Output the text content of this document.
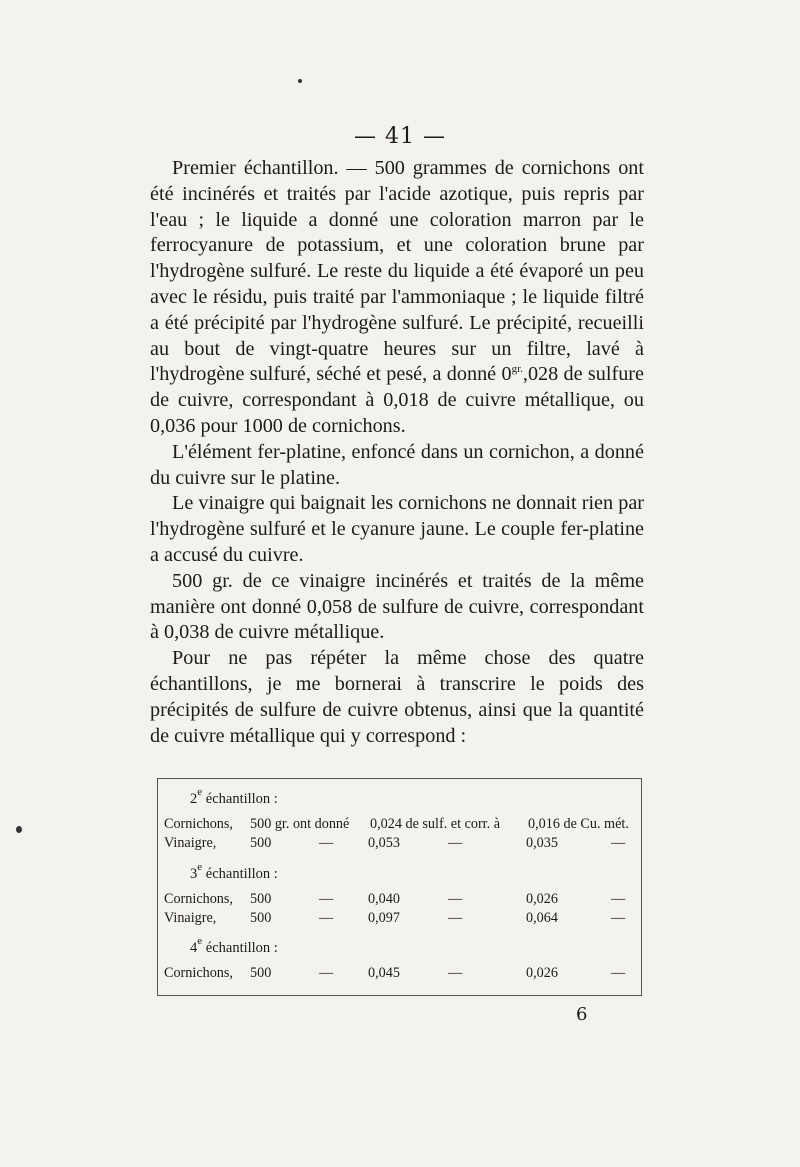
— 41 —

Premier échantillon. — 500 grammes de cornichons ont été incinérés et traités par l'acide azotique, puis repris par l'eau ; le liquide a donné une coloration marron par le ferrocyanure de potassium, et une coloration brune par l'hydrogène sulfuré. Le reste du liquide a été évaporé un peu avec le résidu, puis traité par l'ammoniaque ; le liquide filtré a été précipité par l'hydrogène sulfuré. Le précipité, recueilli au bout de vingt-quatre heures sur un filtre, lavé à l'hydrogène sulfuré, séché et pesé, a donné $0^{gr.},028$ de sulfure de cuivre, correspondant à 0,018 de cuivre métallique, ou 0,036 pour 1000 de cornichons.

L'élément fer-platine, enfoncé dans un cornichon, a donné du cuivre sur le platine.

Le vinaigre qui baignait les cornichons ne donnait rien par l'hydrogène sulfuré et le cyanure jaune. Le couple fer-platine a accusé du cuivre.

500 gr. de ce vinaigre incinérés et traités de la même manière ont donné 0,058 de sulfure de cuivre, correspondant à 0,038 de cuivre métallique.

Pour ne pas répéter la même chose des quatre échantillons, je me bornerai à transcrire le poids des précipités de sulfure de cuivre obtenus, ainsi que la quantité de cuivre métallique qui y correspond :

2e échantillon :
Cornichons, 500 gr. ont donné 0,024 de sulf. et corr. à 0,016 de Cu. mét.
Vinaigre, 500	— 0,053	—	0,035	—
3e échantillon :
Cornichons, 500	— 0,040	—	0,026	—
Vinaigre, 500	— 0,097	—	0,064	—
4e échantillon :
Cornichons, 500	— 0,045	—	0,026	—
6
